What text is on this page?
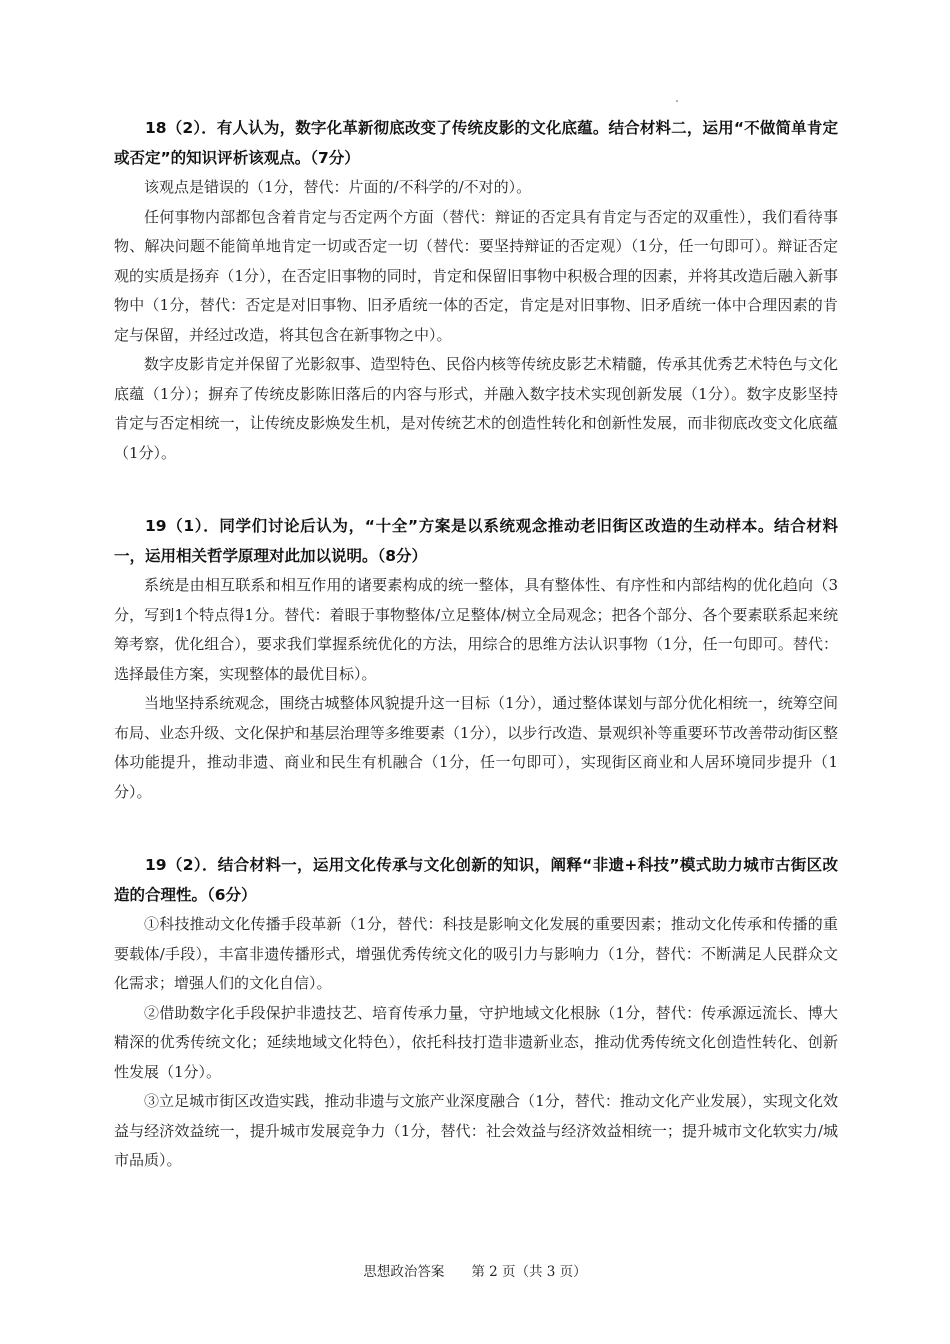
18（2）．有人认为，数字化革新彻底改变了传统皮影的文化底蕴。结合材料二，运用“不做简单肯定或否定”的知识评析该观点。（7分）

该观点是错误的（1分，替代：片面的/不科学的/不对的）。

任何事物内部都包含着肯定与否定两个方面（替代：辩证的否定具有肯定与否定的双重性），我们看待事物、解决问题不能简单地肯定一切或否定一切（替代：要坚持辩证的否定观）（1分，任一句即可）。辩证否定观的实质是扬弃（1分），在否定旧事物的同时，肯定和保留旧事物中积极合理的因素，并将其改造后融入新事物中（1分，替代：否定是对旧事物、旧矛盾统一体的否定，肯定是对旧事物、旧矛盾统一体中合理因素的肯定与保留，并经过改造，将其包含在新事物之中）。

数字皮影肯定并保留了光影叙事、造型特色、民俗内核等传统皮影艺术精髓，传承其优秀艺术特色与文化底蕴（1分）；摒弃了传统皮影陈旧落后的内容与形式，并融入数字技术实现创新发展（1分）。数字皮影坚持肯定与否定相统一，让传统皮影焕发生机，是对传统艺术的创造性转化和创新性发展，而非彻底改变文化底蕴（1分）。

19（1）．同学们讨论后认为，“十全”方案是以系统观念推动老旧街区改造的生动样本。结合材料一，运用相关哲学原理对此加以说明。（8分）

系统是由相互联系和相互作用的诸要素构成的统一整体，具有整体性、有序性和内部结构的优化趋向（3分，写到1个特点得1分。替代：着眼于事物整体/立足整体/树立全局观念；把各个部分、各个要素联系起来统筹考察，优化组合），要求我们掌握系统优化的方法，用综合的思维方法认识事物（1分，任一句即可。替代：选择最佳方案，实现整体的最优目标）。

当地坚持系统观念，围绕古城整体风貌提升这一目标（1分），通过整体谋划与部分优化相统一，统筹空间布局、业态升级、文化保护和基层治理等多维要素（1分），以步行改造、景观织补等重要环节改善带动街区整体功能提升，推动非遗、商业和民生有机融合（1分，任一句即可），实现街区商业和人居环境同步提升（1分）。

19（2）．结合材料一，运用文化传承与文化创新的知识，阐释“非遗+科技”模式助力城市古街区改造的合理性。（6分）

①科技推动文化传播手段革新（1分，替代：科技是影响文化发展的重要因素；推动文化传承和传播的重要载体/手段），丰富非遗传播形式，增强优秀传统文化的吸引力与影响力（1分，替代：不断满足人民群众文化需求；增强人们的文化自信）。

②借助数字化手段保护非遗技艺、培育传承力量，守护地域文化根脉（1分，替代：传承源远流长、博大精深的优秀传统文化；延续地域文化特色），依托科技打造非遗新业态，推动优秀传统文化创造性转化、创新性发展（1分）。

③立足城市街区改造实践，推动非遗与文旅产业深度融合（1分，替代：推动文化产业发展），实现文化效益与经济效益统一，提升城市发展竞争力（1分，替代：社会效益与经济效益相统一；提升城市文化软实力/城市品质）。

思想政治答案　　第 2 页（共 3 页）
